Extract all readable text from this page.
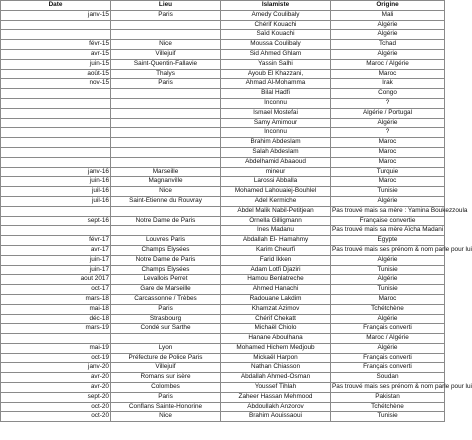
	Date	Lieu	Islamiste	Origine
	janv-15	Paris	Amedy Coulibaly	Mali
			Chérif Kouachi	Algérie
			Saïd Kouachi	Algérie
	févr-15	Nice	Moussa Coulibaly	Tchad
	avr-15	Villejuif	Sid Ahmed Ghlam	Algérie
	juin-15	Saint-Quentin-Fallavie	Yassin Salhi	Maroc / Algérie
	août-15	Thalys	Ayoub El Khazzani,	Maroc
	nov-15	Paris	Ahmad Al-Mohamma	Irak
			Bilal Hadfi	Congo
			Inconnu	?
			Ismael Mostefai	Algérie / Portugal
			Samy Amimour	Algérie
			Inconnu	?
			Brahim Abdeslam	Maroc
			Salah Abdeslam	Maroc
			Abdelhamid Abaaoud	Maroc
	janv-16	Marseille	mineur	Turquie
	juin-16	Magnanville	Larossi Abballa	Maroc
	juil-16	Nice	Mohamed Lahouaiej-Bouhlel	Tunisie
	juil-16	Saint-Etienne du Rouvray	Adel Kermiche	Algérie
			Abdel Malik Nabil-Petitjean	Pas trouvé mais sa mère : Yamina Boukezzoula
	sept-16	Notre Dame de Paris	Ornella Gilligmann	Française convertie
			Ines Madanu	Pas trouvé mais sa mère Aïcha Madani
	févr-17	Louvres Paris	Abdallah El- Hamahmy	Egypte
	avr-17	Champs Elysées	Karim Cheurfi	Pas trouvé mais ses prénom & nom parle pour lui
	juin-17	Notre Dame de Paris	Farid Ikken	Algérie
	juin-17	Champs Elysées	Adam Lotfi Djaziri	Tunisie
	aout 2017	Levallois Perret	Hamou Benlatreche	Algérie
	oct-17	Gare de Marseille	Ahmed Hanachi	Tunisie
	mars-18	Carcassonne / Trèbes	Radouane Lakdim	Maroc
	mai-18	Paris	Khamzat Azimov	Tchétchène
	déc-18	Strasbourg	Chérif Chekatt	Algérie
	mars-19	Condé sur Sarthe	Michaël Chiolo	Français converti
			Hanane Aboulhana	Maroc / Algérie
	mai-19	Lyon	Mohamed Hichem Medjoub	Algérie
	oct-19	Préfecture de Police Paris	Mickaël Harpon	Français converti
	janv-20	Villejuif	Nathan Chiasson	Français converti
	avr-20	Romans sur isère	Abdallah Ahmed-Osman	Soudan
	avr-20	Colombes	Youssef Tihlah	Pas trouvé mais ses prénom & nom parle pour lui
	sept-20	Paris	Zaheer Hassan Mehmood	Pakistan
	oct-20	Conflans Sainte-Honorine	Abdoullakh Anzorov	Tchétchène
	oct-20	Nice	Brahim Aouissaoui	Tunisie
